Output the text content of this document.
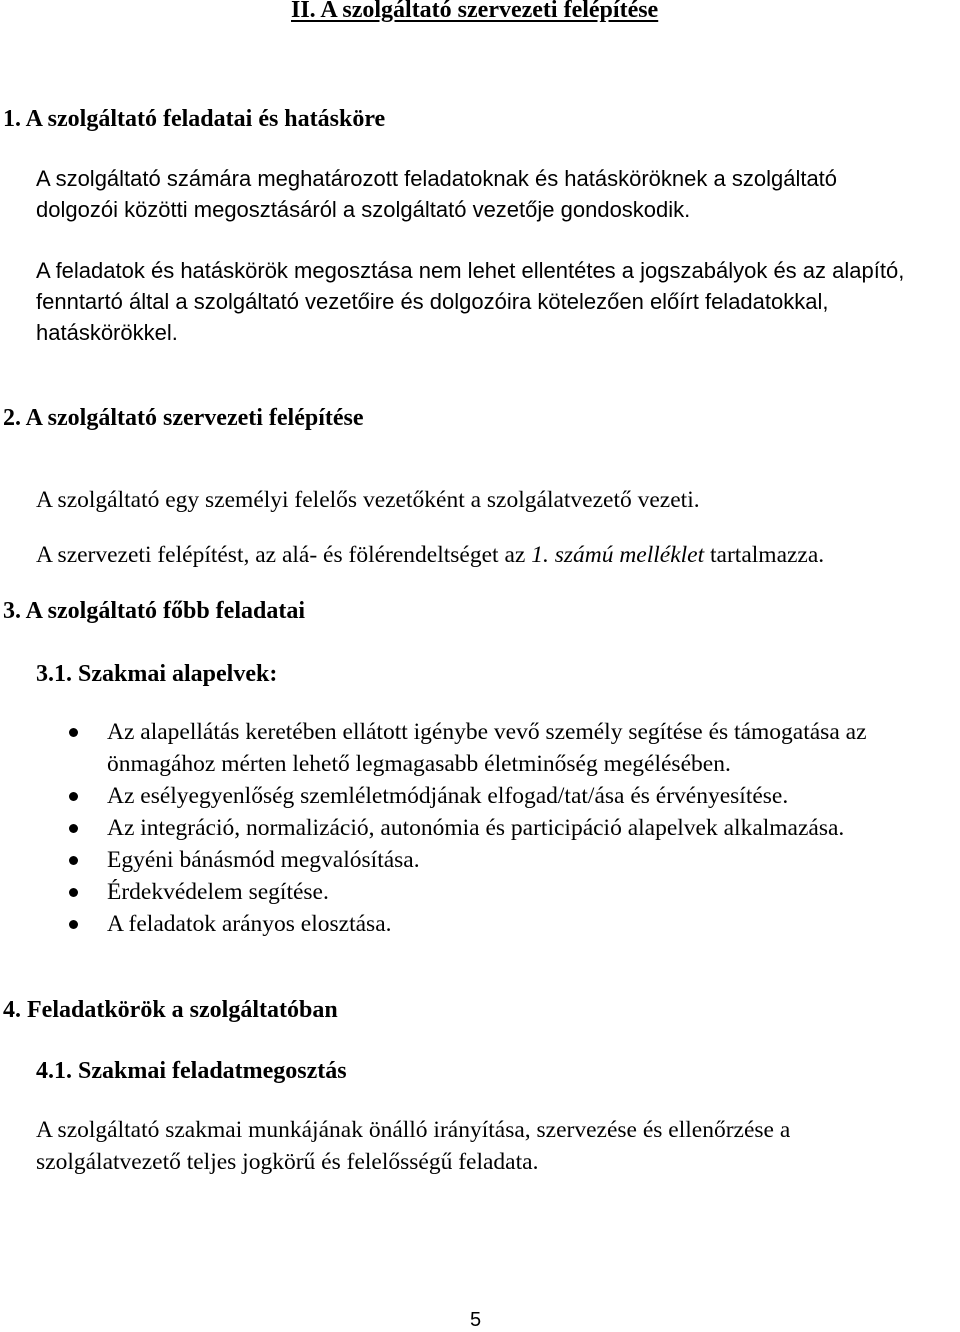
II. A szolgáltató szervezeti felépítése
1. A szolgáltató feladatai és hatásköre
A szolgáltató számára meghatározott feladatoknak és hatásköröknek a szolgáltató
dolgozói közötti megosztásáról a szolgáltató vezetője gondoskodik.
A feladatok és hatáskörök megosztása nem lehet ellentétes a jogszabályok és az alapító,
fenntartó által a szolgáltató vezetőire és dolgozóira kötelezően előírt feladatokkal,
hatáskörökkel.
2. A szolgáltató szervezeti felépítése
A szolgáltató egy személyi felelős vezetőként a szolgálatvezető vezeti.
A szervezeti felépítést, az alá- és fölérendeltséget az 1. számú melléklet tartalmazza.
3. A szolgáltató főbb feladatai
3.1. Szakmai alapelvek:
Az alapellátás keretében ellátott igénybe vevő személy segítése és támogatása az
önmagához mérten lehető legmagasabb életminőség megélésében.
Az esélyegyenlőség szemléletmódjának elfogad/tat/ása és érvényesítése.
Az integráció, normalizáció, autonómia és participáció alapelvek alkalmazása.
Egyéni bánásmód megvalósítása.
Érdekvédelem segítése.
A feladatok arányos elosztása.
4. Feladatkörök a szolgáltatóban
4.1. Szakmai feladatmegosztás
A szolgáltató szakmai munkájának önálló irányítása, szervezése és ellenőrzése a
szolgálatvezető teljes jogkörű és felelősségű feladata.
5
